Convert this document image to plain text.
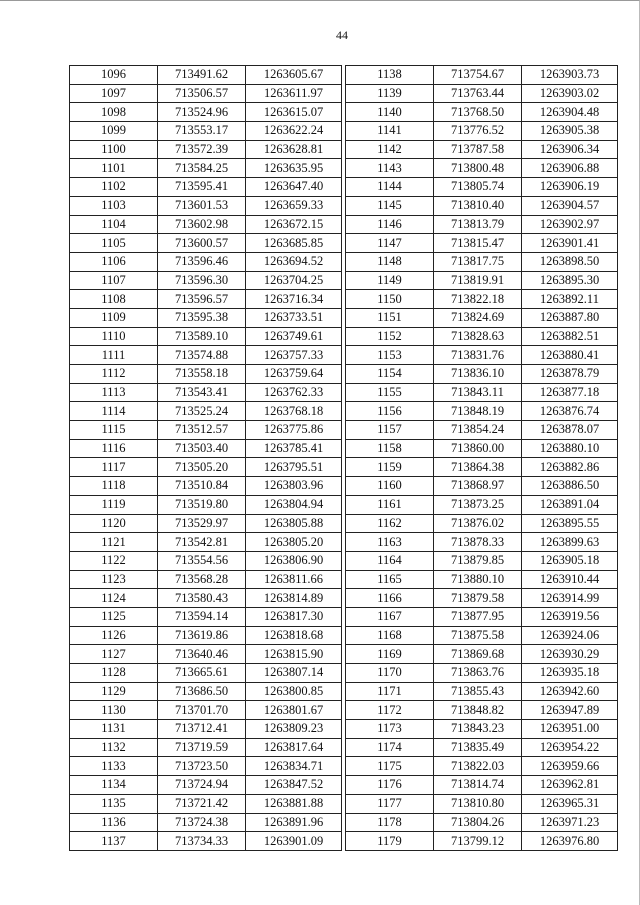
44
1096	713491.62	1263605.67
1097	713506.57	1263611.97
1098	713524.96	1263615.07
1099	713553.17	1263622.24
1100	713572.39	1263628.81
1101	713584.25	1263635.95
1102	713595.41	1263647.40
1103	713601.53	1263659.33
1104	713602.98	1263672.15
1105	713600.57	1263685.85
1106	713596.46	1263694.52
1107	713596.30	1263704.25
1108	713596.57	1263716.34
1109	713595.38	1263733.51
1110	713589.10	1263749.61
1111	713574.88	1263757.33
1112	713558.18	1263759.64
1113	713543.41	1263762.33
1114	713525.24	1263768.18
1115	713512.57	1263775.86
1116	713503.40	1263785.41
1117	713505.20	1263795.51
1118	713510.84	1263803.96
1119	713519.80	1263804.94
1120	713529.97	1263805.88
1121	713542.81	1263805.20
1122	713554.56	1263806.90
1123	713568.28	1263811.66
1124	713580.43	1263814.89
1125	713594.14	1263817.30
1126	713619.86	1263818.68
1127	713640.46	1263815.90
1128	713665.61	1263807.14
1129	713686.50	1263800.85
1130	713701.70	1263801.67
1131	713712.41	1263809.23
1132	713719.59	1263817.64
1133	713723.50	1263834.71
1134	713724.94	1263847.52
1135	713721.42	1263881.88
1136	713724.38	1263891.96
1137	713734.33	1263901.09
1138	713754.67	1263903.73
1139	713763.44	1263903.02
1140	713768.50	1263904.48
1141	713776.52	1263905.38
1142	713787.58	1263906.34
1143	713800.48	1263906.88
1144	713805.74	1263906.19
1145	713810.40	1263904.57
1146	713813.79	1263902.97
1147	713815.47	1263901.41
1148	713817.75	1263898.50
1149	713819.91	1263895.30
1150	713822.18	1263892.11
1151	713824.69	1263887.80
1152	713828.63	1263882.51
1153	713831.76	1263880.41
1154	713836.10	1263878.79
1155	713843.11	1263877.18
1156	713848.19	1263876.74
1157	713854.24	1263878.07
1158	713860.00	1263880.10
1159	713864.38	1263882.86
1160	713868.97	1263886.50
1161	713873.25	1263891.04
1162	713876.02	1263895.55
1163	713878.33	1263899.63
1164	713879.85	1263905.18
1165	713880.10	1263910.44
1166	713879.58	1263914.99
1167	713877.95	1263919.56
1168	713875.58	1263924.06
1169	713869.68	1263930.29
1170	713863.76	1263935.18
1171	713855.43	1263942.60
1172	713848.82	1263947.89
1173	713843.23	1263951.00
1174	713835.49	1263954.22
1175	713822.03	1263959.66
1176	713814.74	1263962.81
1177	713810.80	1263965.31
1178	713804.26	1263971.23
1179	713799.12	1263976.80
